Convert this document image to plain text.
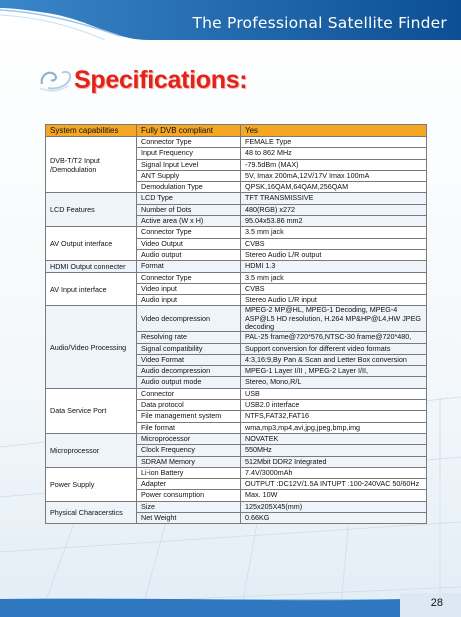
The Professional Satellite Finder
Specifications:
System capabilities	Fully DVB compliant	Yes
DVB-T/T2 Input /Demodulation	Connector Type	FEMALE Type
	Input Frequency	48 to 862 MHz
	Signal Input Level	-79.5dBm (MAX)
	ANT Supply	5V, Imax 200mA,12V/17V Imax 100mA
	Demodulation Type	QPSK,16QAM,64QAM,256QAM
LCD Features	LCD Type	TFT TRANSMISSIVE
	Number of Dots	480(RGB) x272
	Active area (W x H)	95.04x53.86 mm2
AV Output interface	Connector Type	3.5 mm jack
	Video Output	CVBS
	Audio output	Stereo Audio L/R output
HDMI Output connecter	Format	HDMI 1.3
AV Input interface	Connector Type	3.5 mm jack
	Video input	CVBS
	Audio input	Stereo Audio L/R input
Audio/Video Processing	Video decompression	MPEG-2 MP@HL, MPEG-1 Decoding, MPEG-4 ASP@L5 HD resolution, H.264 MP&HP@L4,HW JPEG decoding
	Resolving rate	PAL-25 frame@720*576,NTSC-30 frame@720*480,
	Signal compatibility	Support conversion for different video formats
	Video Format	4:3,16:9,By Pan & Scan and Letter Box conversion
	Audio decompression	MPEG-1 Layer I/II , MPEG-2 Layer I/II,
	Audio output mode	Stereo, Mono,R/L
Data Service Port	Connector	USB
	Data protocol	USB2.0 interface
	File management system	NTFS,FAT32,FAT16
	File format	wma,mp3,mp4,avi,jpg,jpeg,bmp,img
Microprocessor	Microprocessor	NOVATEK
	Clock Frequency	550MHz
	SDRAM Memory	512Mbit DDR2 Integrated
Power Supply	Li-ion Battery	7.4V/3000mAh
	Adapter	OUTPUT :DC12V/1.5A INTUPT :100-240VAC 50/60Hz
	Power consumption	Max. 10W
Physical Characerstics	Size	125x205X45(mm)
	Net Weight	0.66KG
28
